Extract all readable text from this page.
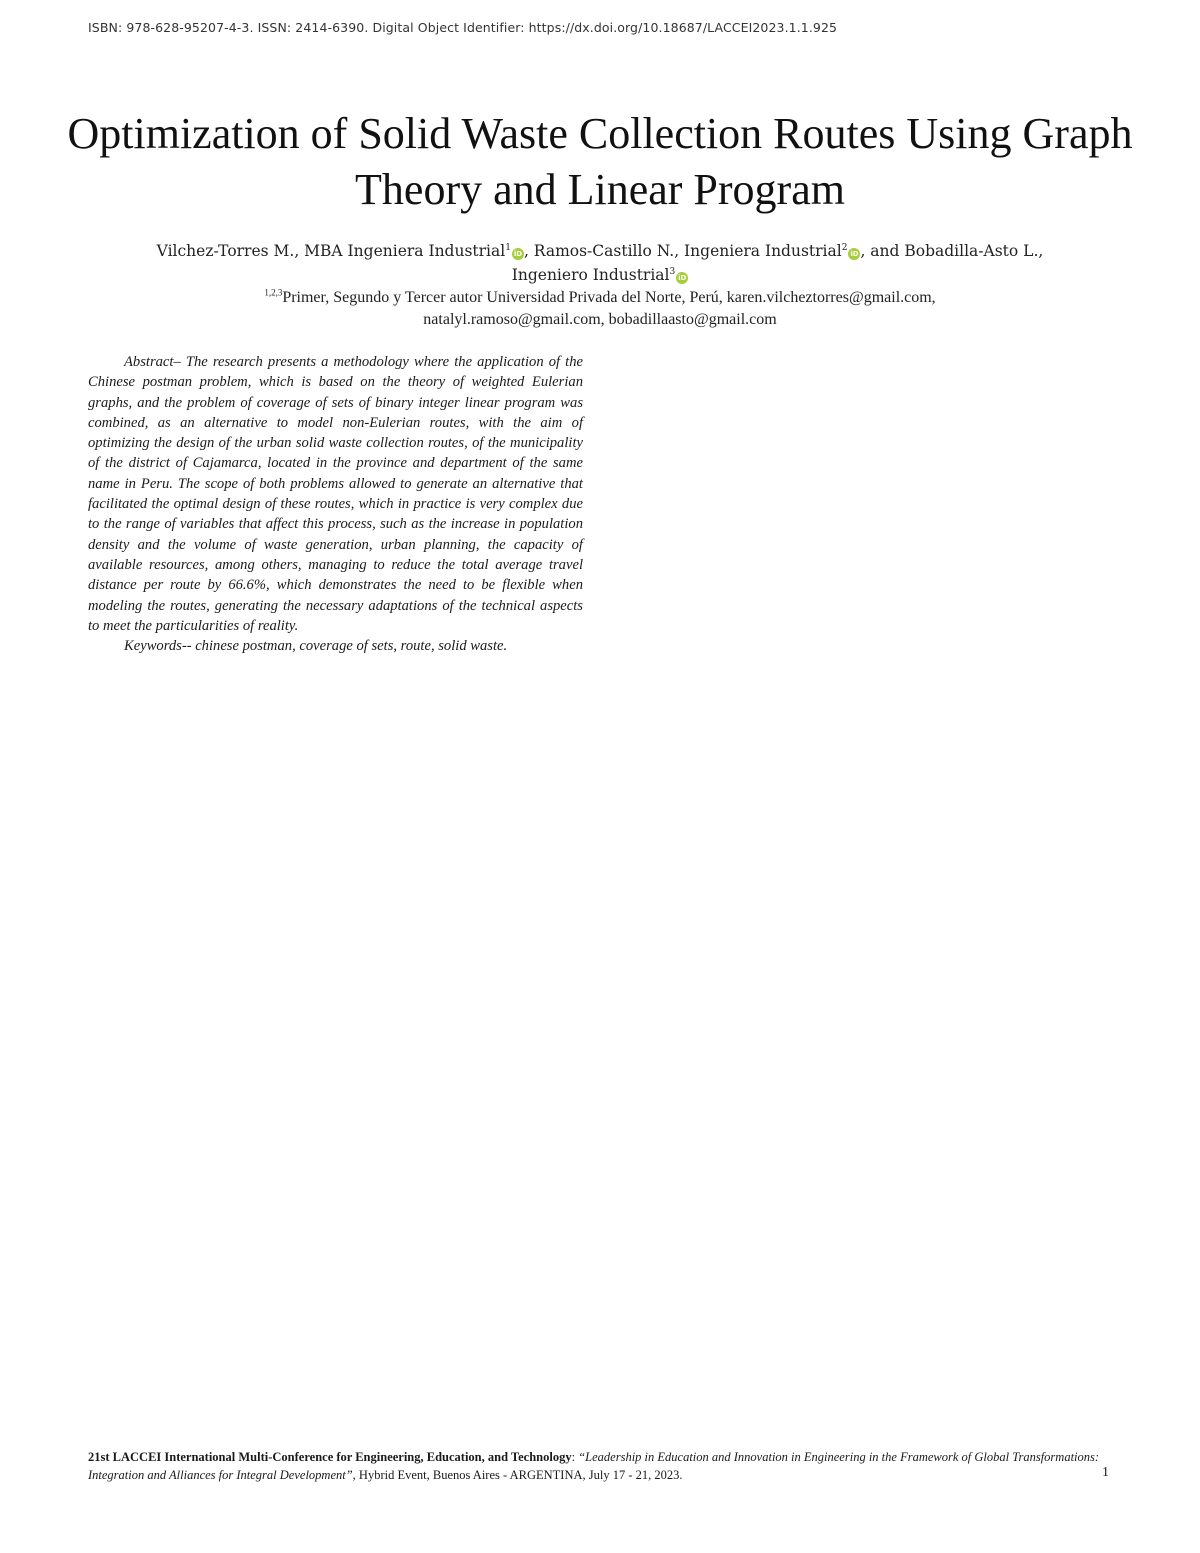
ISBN: 978-628-95207-4-3. ISSN: 2414-6390. Digital Object Identifier: https://dx.doi.org/10.18687/LACCEI2023.1.1.925
Optimization of Solid Waste Collection Routes Using Graph Theory and Linear Program
Vilchez-Torres M., MBA Ingeniera Industrial$^1$iD , Ramos-Castillo N., Ingeniera Industrial$^2$iD , and Bobadilla-Asto L.,
Ingeniero Industrial$^3$iD
$^{1,2,3}$Primer, Segundo y Tercer autor Universidad Privada del Norte, Perú, karen.vilcheztorres@gmail.com,
natalyl.ramoso@gmail.com, bobadillaasto@gmail.com

Abstract– The research presents a methodology where the application of the Chinese postman problem, which is based on the theory of weighted Eulerian graphs, and the problem of coverage of sets of binary integer linear program was combined, as an alternative to model non-Eulerian routes, with the aim of optimizing the design of the urban solid waste collection routes, of the municipality of the district of Cajamarca, located in the province and department of the same name in Peru. The scope of both problems allowed to generate an alternative that facilitated the optimal design of these routes, which in practice is very complex due to the range of variables that affect this process, such as the increase in population density and the volume of waste generation, urban planning, the capacity of available resources, among others, managing to reduce the total average travel distance per route by 66.6%, which demonstrates the need to be flexible when modeling the routes, generating the necessary adaptations of the technical aspects to meet the particularities of reality.

Keywords-- chinese postman, coverage of sets, route, solid waste.

21st LACCEI International Multi-Conference for Engineering, Education, and Technology: “Leadership in Education and Innovation in Engineering in the Framework of Global Transformations: Integration and Alliances for Integral Development”, Hybrid Event, Buenos Aires - ARGENTINA, July 17 - 21, 2023.	1
